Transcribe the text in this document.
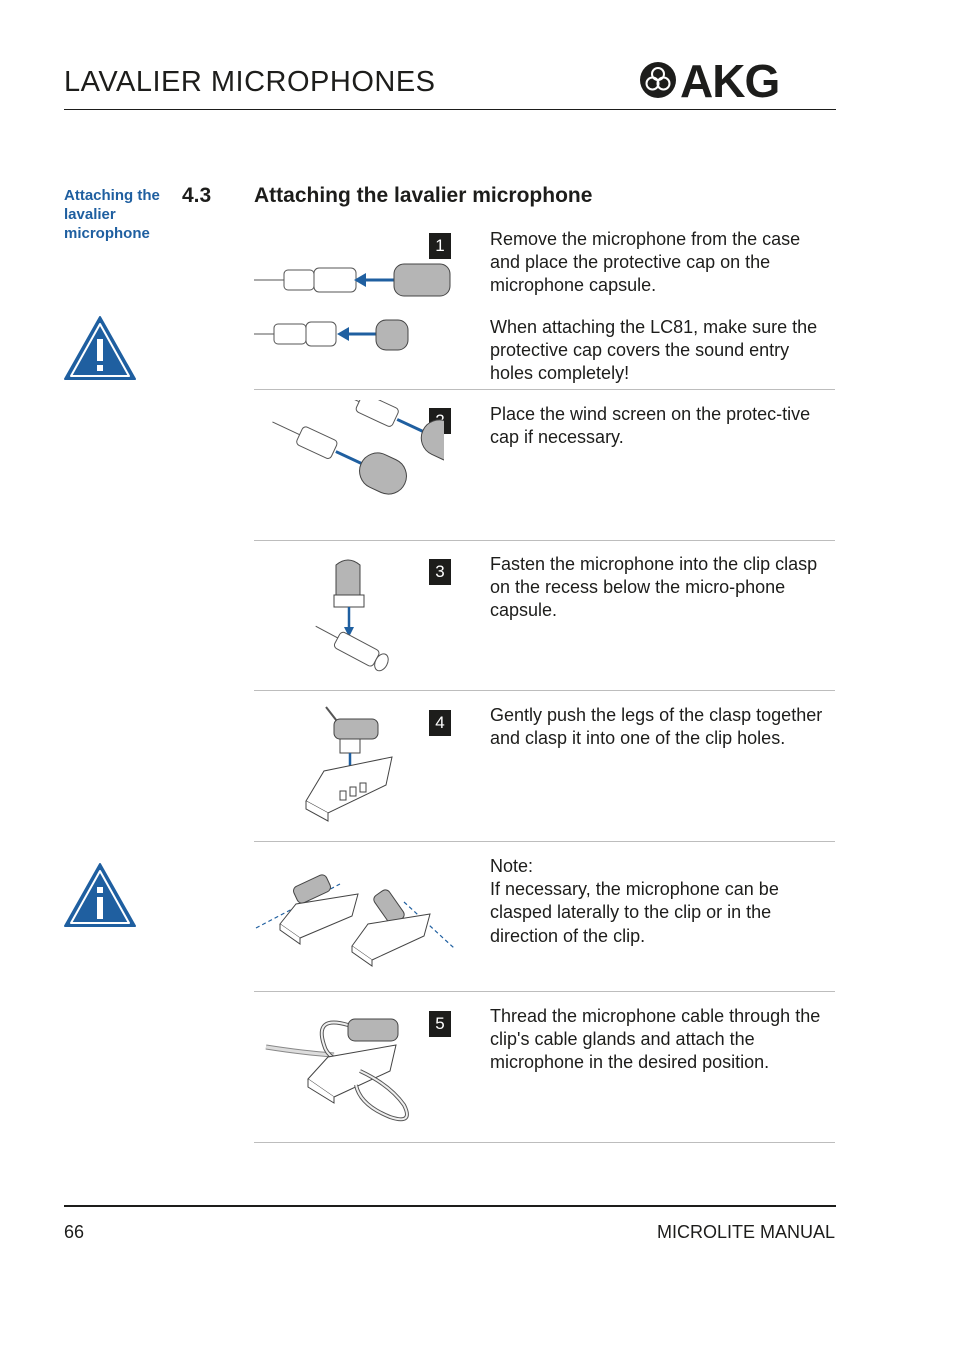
LAVALIER MICROPHONES	AKG
Attaching the lavalier microphone
4.3 Attaching the lavalier microphone
1	Remove the microphone from the case and place the protective cap on the microphone capsule.

When attaching the LC81, make sure the protective cap covers the sound entry holes completely!

Place the wind screen on the protec-tive cap if necessary.
3	Fasten the microphone into the clip clasp on the recess below the micro-phone capsule.
4	Gently push the legs of the clasp together and clasp it into one of the clip holes.

Note:

If necessary, the microphone can be clasped laterally to the clip or in the direction of the clip.

5	Thread the microphone cable through the clip's cable glands and attach the microphone in the desired position.
66	MICROLITE MANUAL
